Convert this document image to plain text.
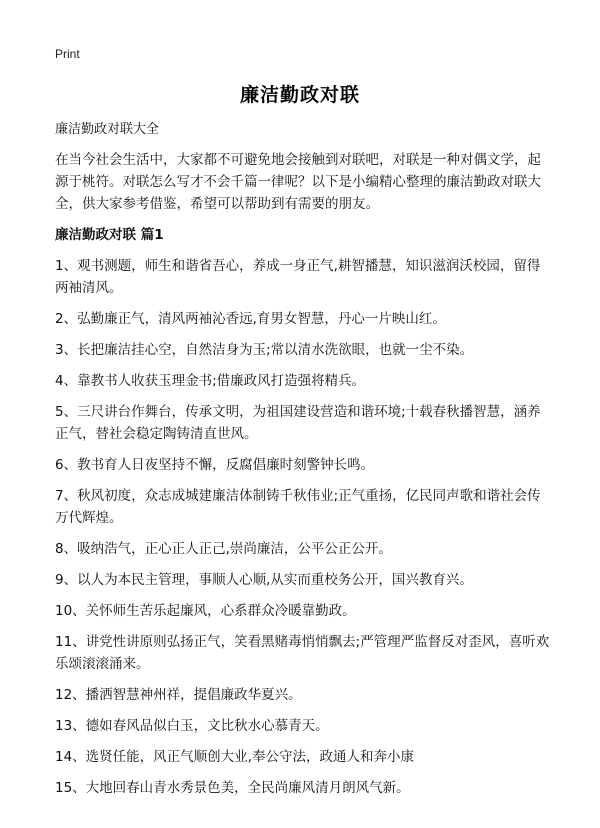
Print
廉洁勤政对联

廉洁勤政对联大全

在当今社会生活中，大家都不可避免地会接触到对联吧，对联是一种对偶文学，起源于桃符。对联怎么写才不会千篇一律呢？以下是小编精心整理的廉洁勤政对联大全，供大家参考借鉴，希望可以帮助到有需要的朋友。

廉洁勤政对联 篇1

1、观书测题，师生和谐省吾心，养成一身正气,耕智播慧，知识滋润沃校园，留得两袖清风。

2、弘勤廉正气，清风两袖沁香远,育男女智慧，丹心一片映山红。

3、长把廉洁挂心空，自然洁身为玉;常以清水洗欲眼，也就一尘不染。

4、靠教书人收获玉理金书;借廉政风打造强将精兵。

5、三尺讲台作舞台，传承文明，为祖国建设营造和谐环境;十载春秋播智慧，涵养正气，替社会稳定陶铸清直世风。

6、教书育人日夜坚持不懈，反腐倡廉时刻警钟长鸣。

7、秋风初度，众志成城建廉洁体制铸千秋伟业;正气重扬，亿民同声歌和谐社会传万代辉煌。

8、吸纳浩气，正心正人正己,崇尚廉洁，公平公正公开。

9、以人为本民主管理，事顺人心顺,从实而重校务公开，国兴教育兴。

10、关怀师生苦乐起廉风，心系群众冷暖靠勤政。

11、讲党性讲原则弘扬正气，笑看黑赌毒悄悄飘去;严管理严监督反对歪风，喜听欢乐颂滚滚涌来。

12、播洒智慧神州祥，提倡廉政华夏兴。

13、德如春风品似白玉，文比秋水心慕青天。

14、选贤任能，风正气顺创大业,奉公守法，政通人和奔小康

15、大地回春山青水秀景色美，全民尚廉风清月朗风气新。
